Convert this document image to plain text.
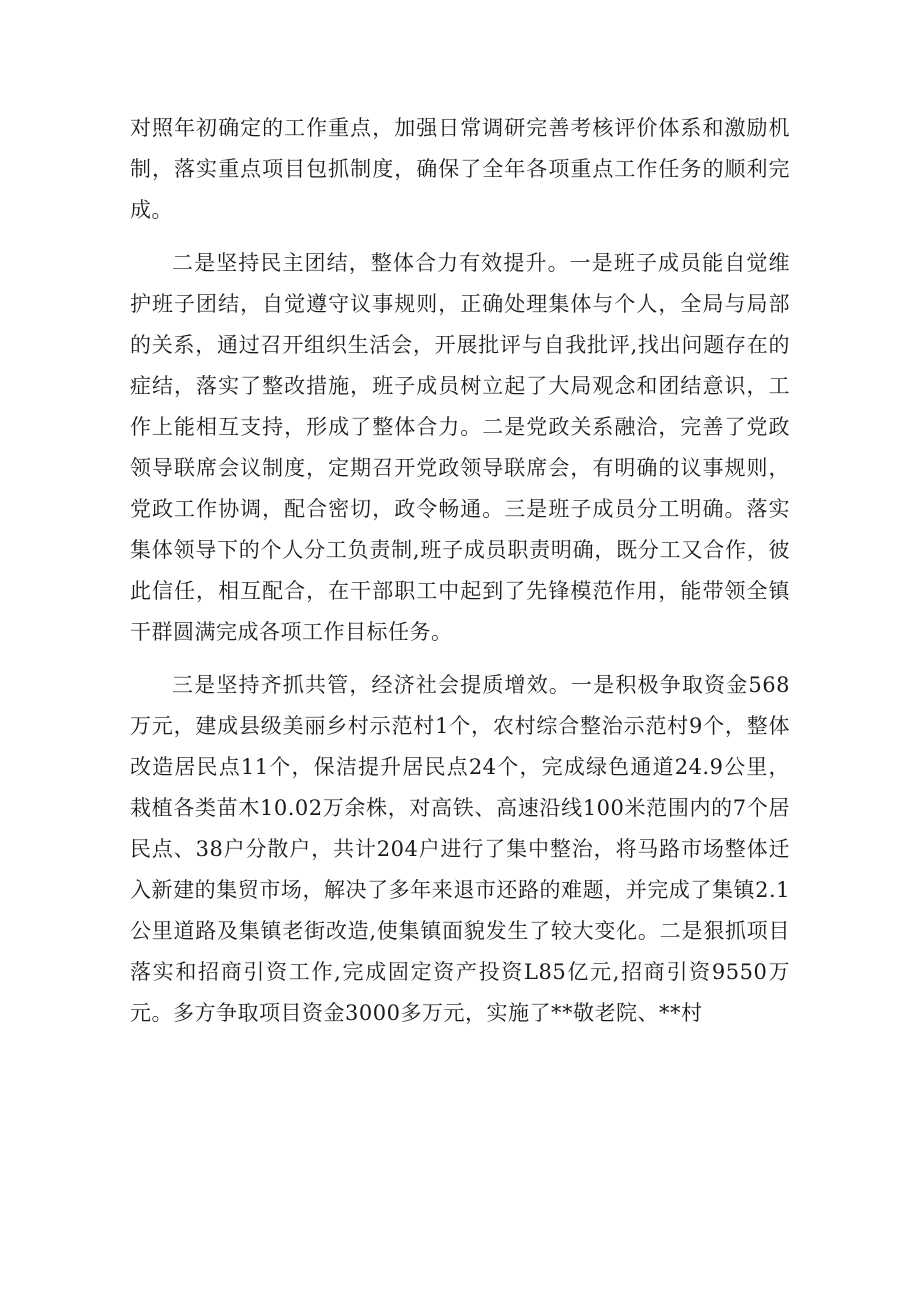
对照年初确定的工作重点，加强日常调研完善考核评价体系和激励机制，落实重点项目包抓制度，确保了全年各项重点工作任务的顺利完成。

二是坚持民主团结，整体合力有效提升。一是班子成员能自觉维护班子团结，自觉遵守议事规则，正确处理集体与个人，全局与局部的关系，通过召开组织生活会，开展批评与自我批评,找出问题存在的症结，落实了整改措施，班子成员树立起了大局观念和团结意识，工作上能相互支持，形成了整体合力。二是党政关系融洽，完善了党政领导联席会议制度，定期召开党政领导联席会，有明确的议事规则，党政工作协调，配合密切，政令畅通。三是班子成员分工明确。落实集体领导下的个人分工负责制,班子成员职责明确，既分工又合作，彼此信任，相互配合，在干部职工中起到了先锋模范作用，能带领全镇干群圆满完成各项工作目标任务。

三是坚持齐抓共管，经济社会提质增效。一是积极争取资金568万元，建成县级美丽乡村示范村1个，农村综合整治示范村9个，整体改造居民点11个，保洁提升居民点24个，完成绿色通道24.9公里，栽植各类苗木10.02万余株，对高铁、高速沿线100米范围内的7个居民点、38户分散户，共计204户进行了集中整治，将马路市场整体迁入新建的集贸市场，解决了多年来退市还路的难题，并完成了集镇2.1公里道路及集镇老街改造,使集镇面貌发生了较大变化。二是狠抓项目落实和招商引资工作,完成固定资产投资L85亿元,招商引资9550万元。多方争取项目资金3000多万元，实施了**敬老院、**村
